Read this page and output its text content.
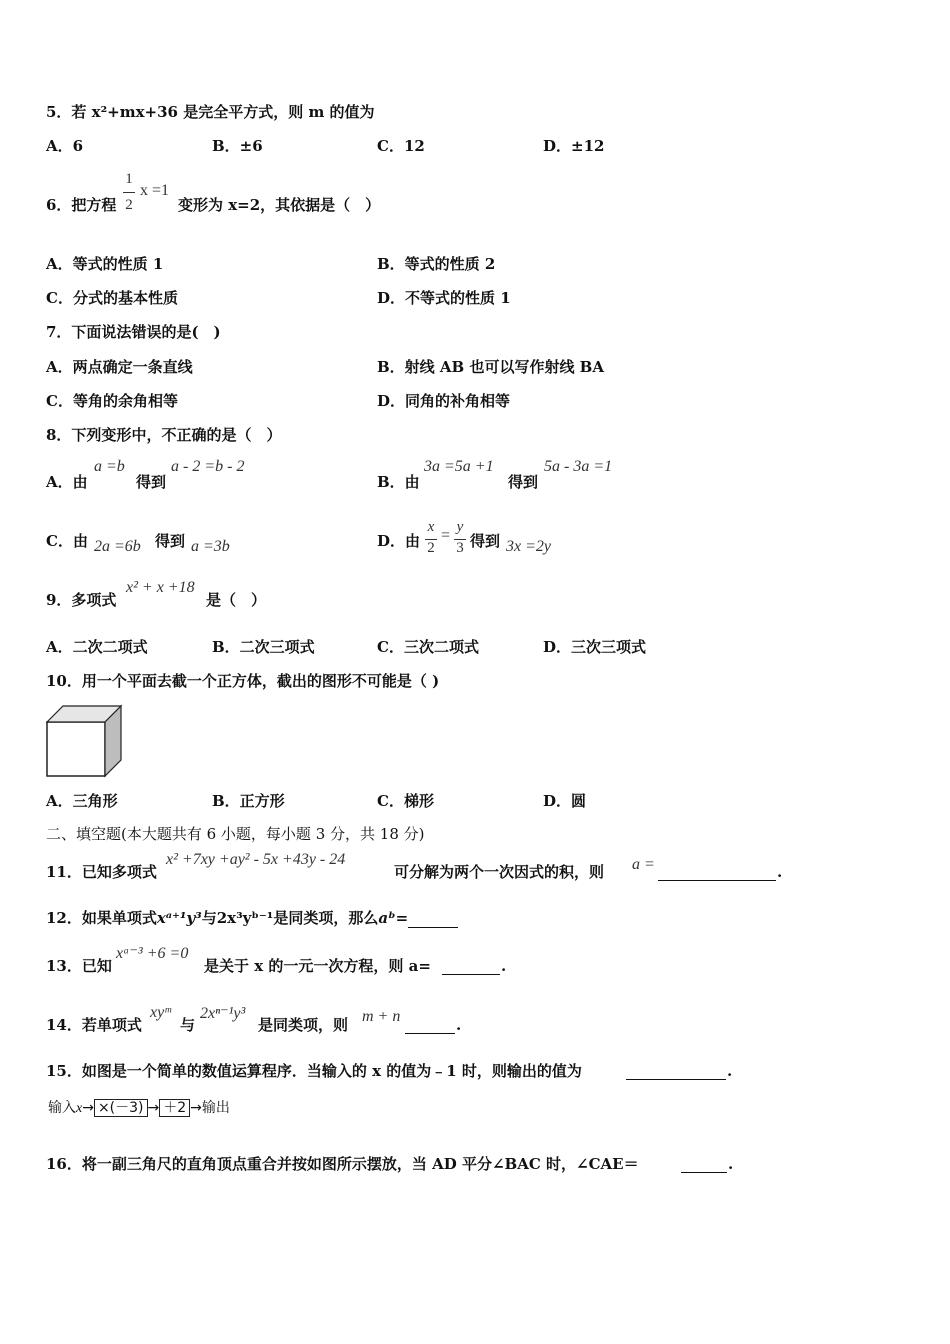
5．若 x²+mx+36 是完全平方式，则 m 的值为
A．6	B．±6	C．12	D．±12
6．把方程
1
2
x =1
变形为 x=2，其依据是（　）
A．等式的性质 1	B．等式的性质 2
C．分式的基本性质	D．不等式的性质 1
7．下面说法错误的是(　)
A．两点确定一条直线	B．射线 AB 也可以写作射线 BA
C．等角的余角相等	D．同角的补角相等
8．下列变形中，不正确的是（　）
A．由
a =b
得到
a - 2 =b - 2
B．由
3a =5a +1
得到
5a - 3a =1
C．由 2a =6b 得到 a =3b	D．由
x
2
= y
3 得到 3x =2y
9．多项式
x² + x +18
是（　）
A．二次二项式	B．二次三项式	C．三次二项式	D．三次三项式
10．用一个平面去截一个正方体，截出的图形不可能是（ )
A．三角形	B．正方形	C．梯形	D．圆
二、填空题(本大题共有 6 小题，每小题 3 分，共 18 分)
11．已知多项式
x² +7xy +ay² - 5x +43y - 24
可分解为两个一次因式的积，则 a =	.
12．如果单项式xᵃ⁺¹y³与2x³yᵇ⁻¹是同类项，那么aᵇ=
13．已知
xᵃ⁻³ +6 =0
是关于 x 的一元一次方程，则 a=	.
14．若单项式
xyᵐ
与
2xⁿ⁻¹y³
是同类项，则 m + n	.
15．如图是一个简单的数值运算程序．当输入的 x 的值为﹣1 时，则输出的值为	.
输入x→ ×(－3) → ＋2 →输出
16．将一副三角尺的直角顶点重合并按如图所示摆放，当 AD 平分∠BAC 时，∠CAE＝	.
